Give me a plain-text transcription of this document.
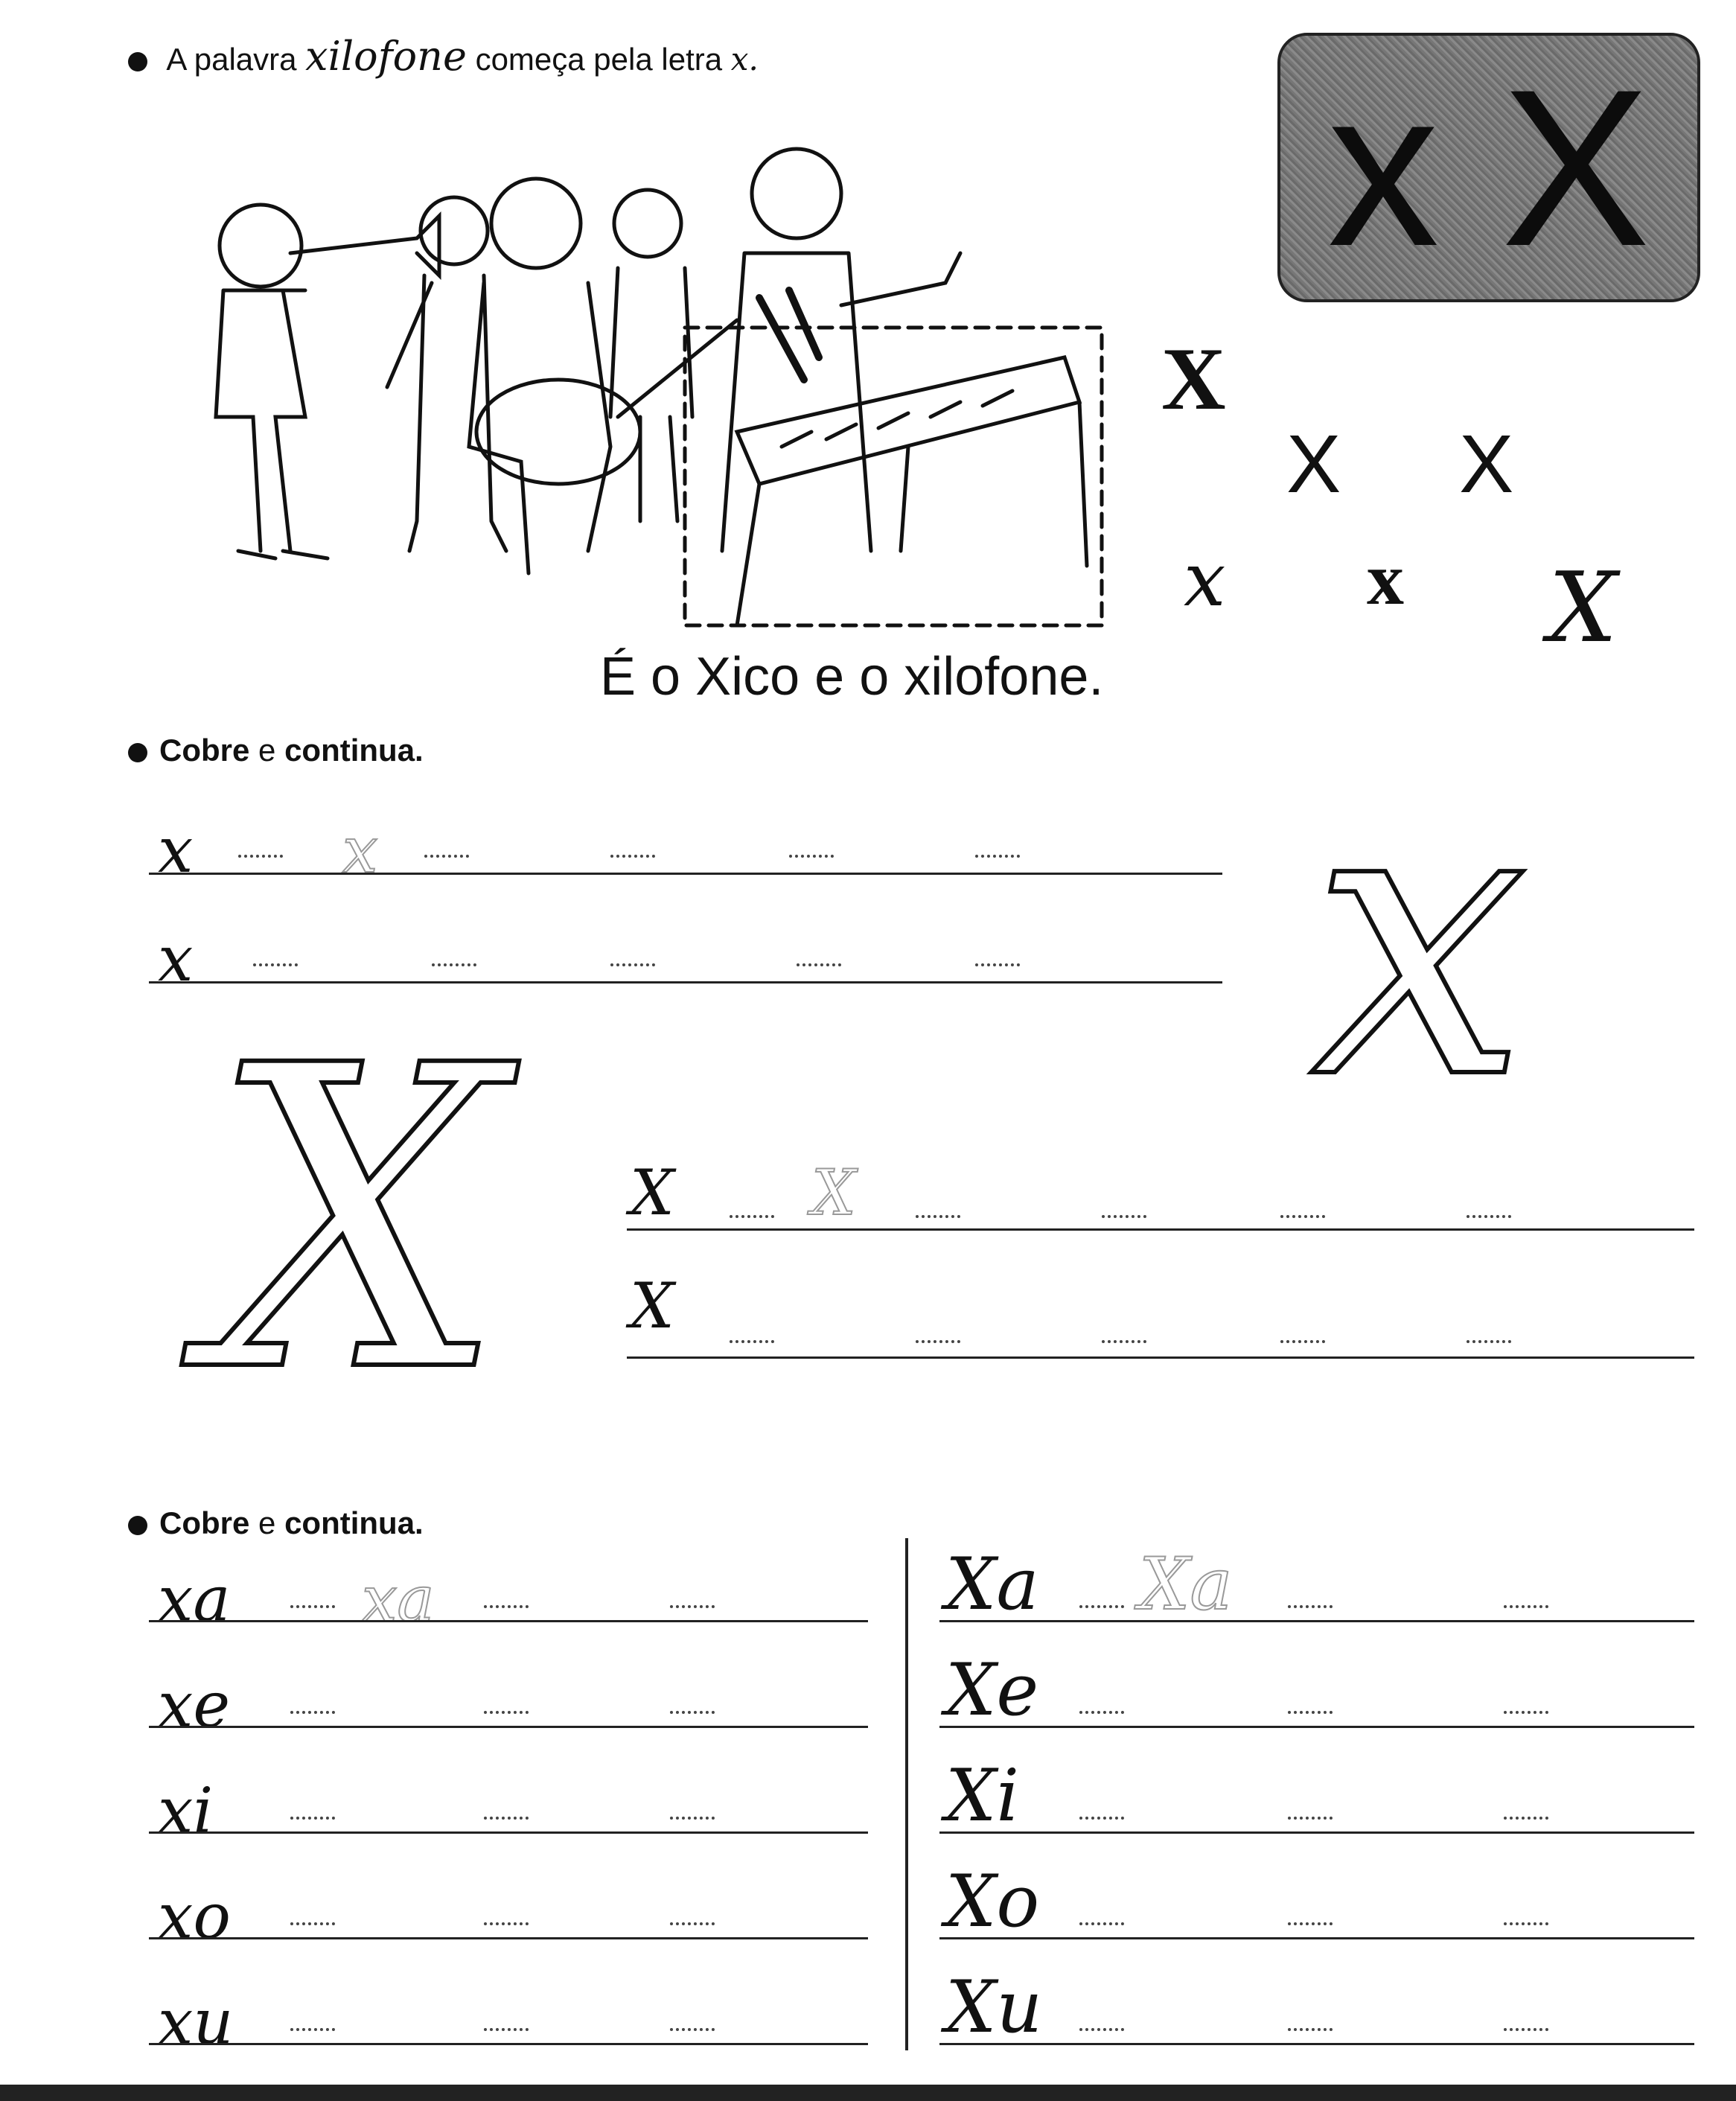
A palavra xilofone começa pela letra x.	x X
X
X X
x x X
É o Xico e o xilofone.
Cobre e continua.
x x
x	x
X X X
X
Cobre e continua.
xa xa
xe
xi
xo
xu
Xa Xa
Xe
Xi
Xo
Xu
